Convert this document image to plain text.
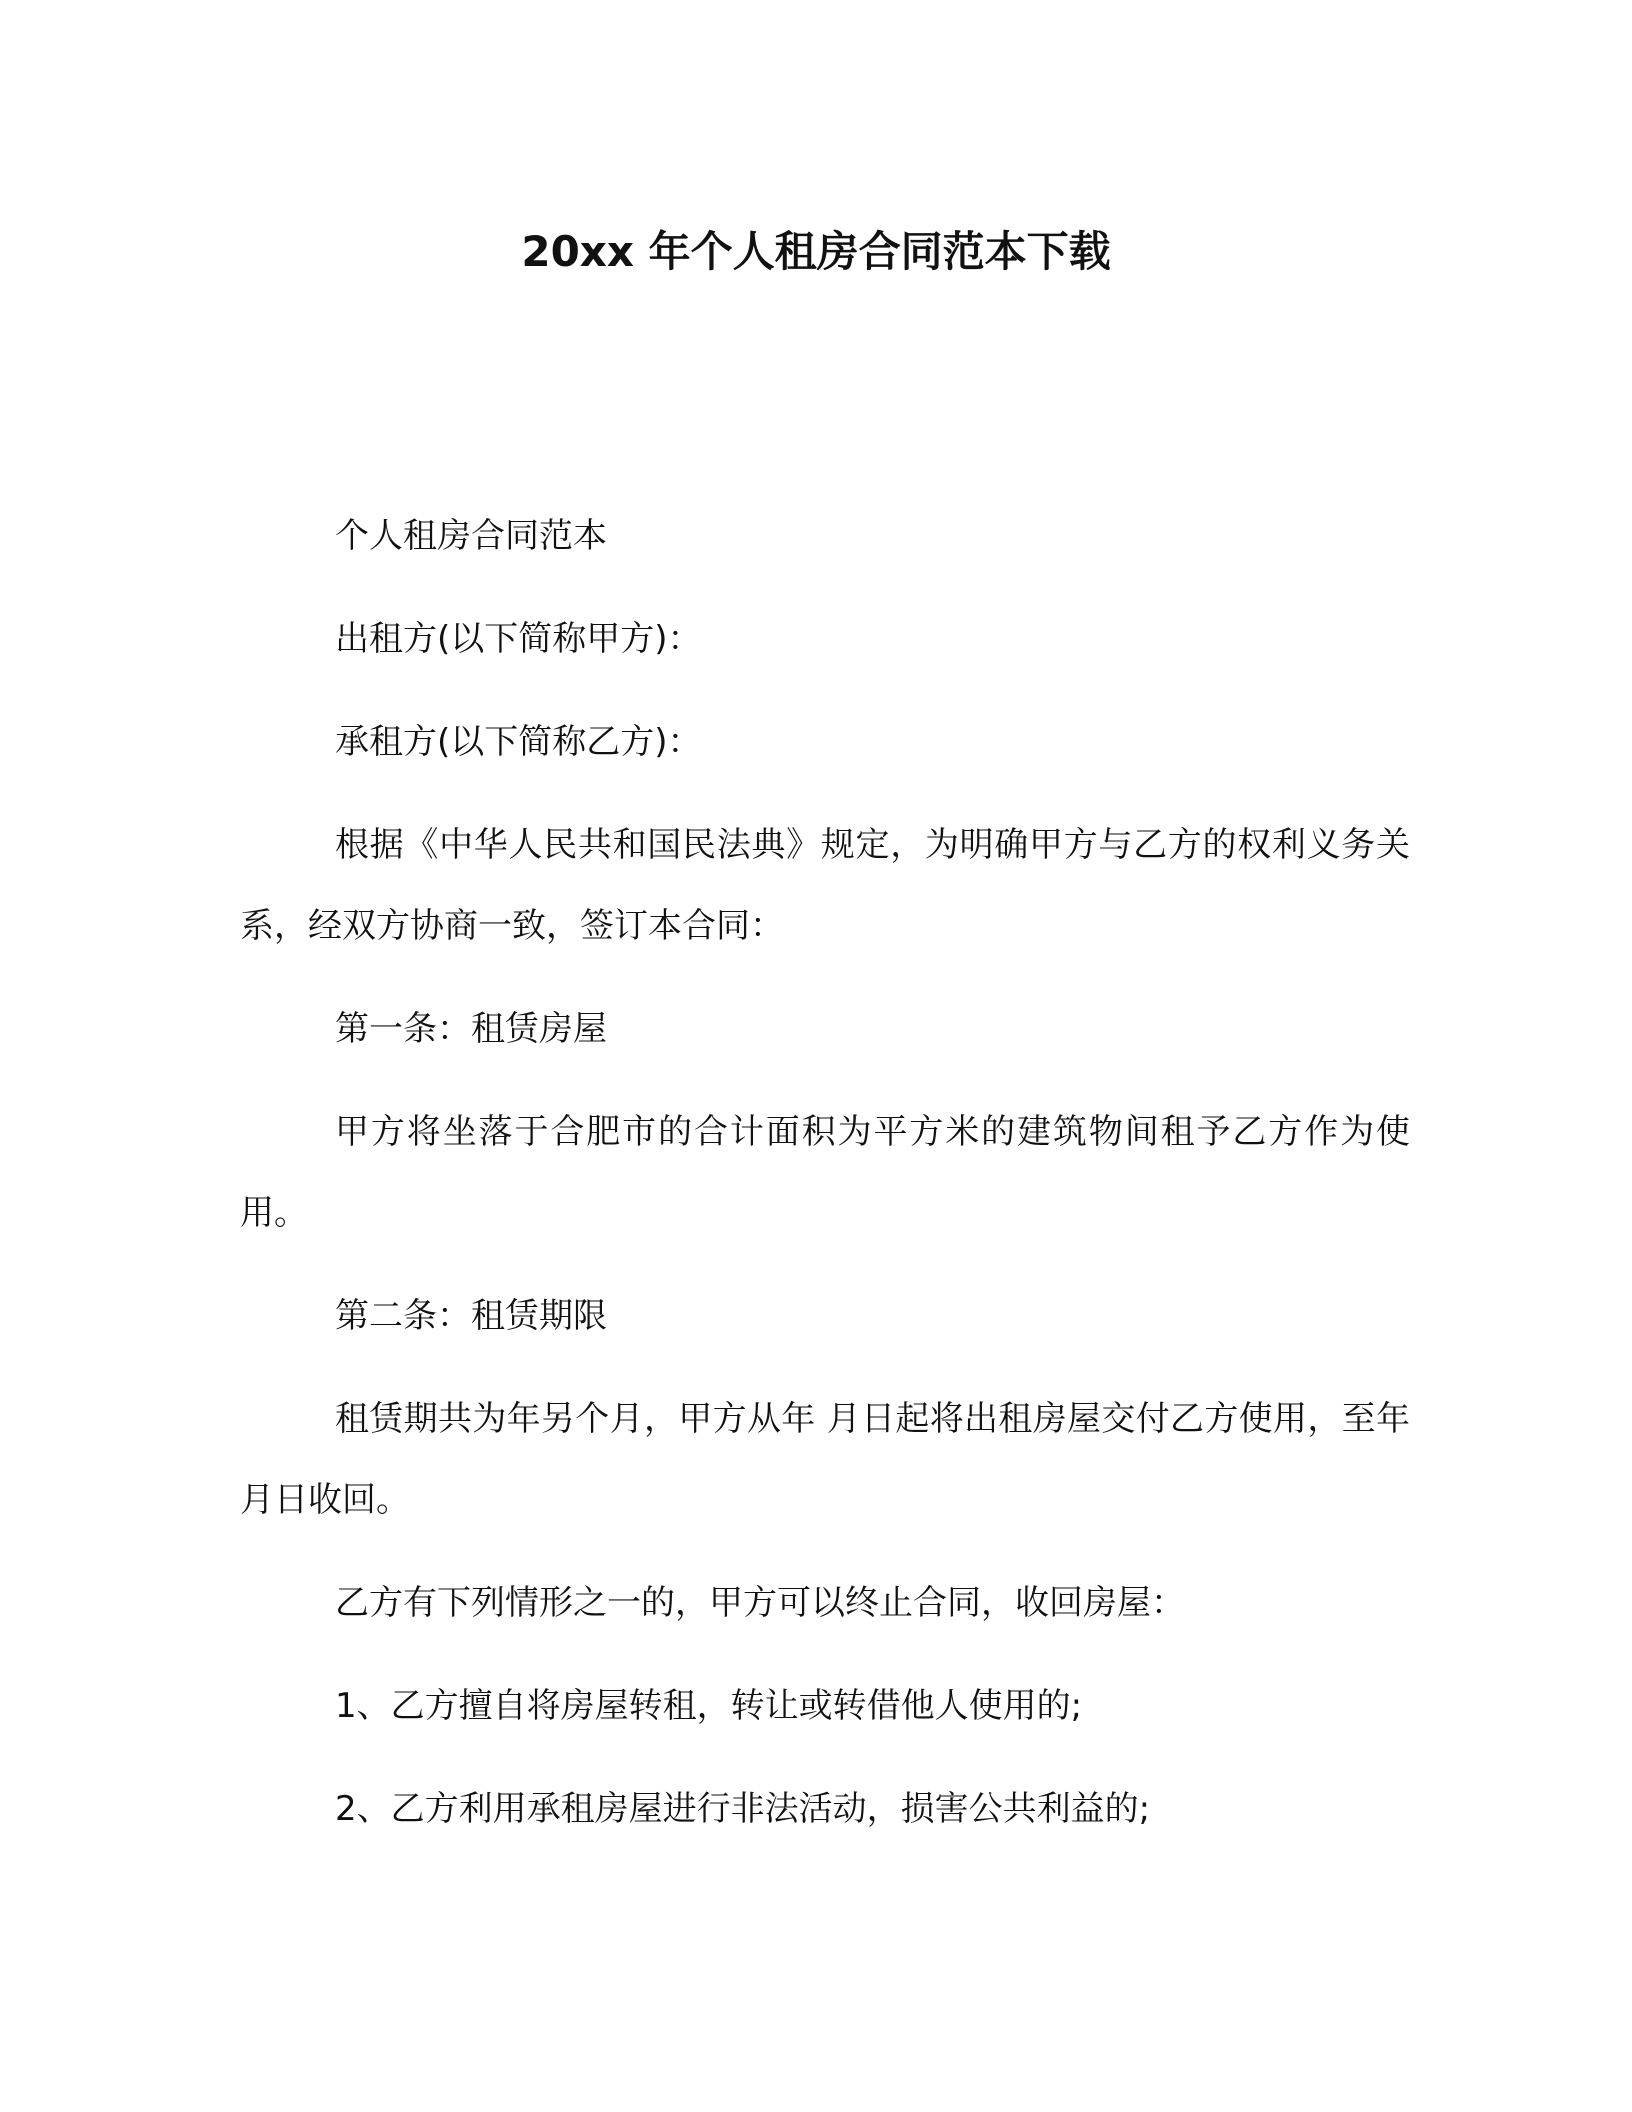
20xx 年个人租房合同范本下载

个人租房合同范本

出租方(以下简称甲方)：

承租方(以下简称乙方)：

根据《中华人民共和国民法典》规定，为明确甲方与乙方的权利义务关系，经双方协商一致，签订本合同：

第一条：租赁房屋

甲方将坐落于合肥市的合计面积为平方米的建筑物间租予乙方作为使用。

第二条：租赁期限

租赁期共为年另个月，甲方从年 月日起将出租房屋交付乙方使用，至年 月日收回。

乙方有下列情形之一的，甲方可以终止合同，收回房屋：

1、乙方擅自将房屋转租，转让或转借他人使用的;

2、乙方利用承租房屋进行非法活动，损害公共利益的;
